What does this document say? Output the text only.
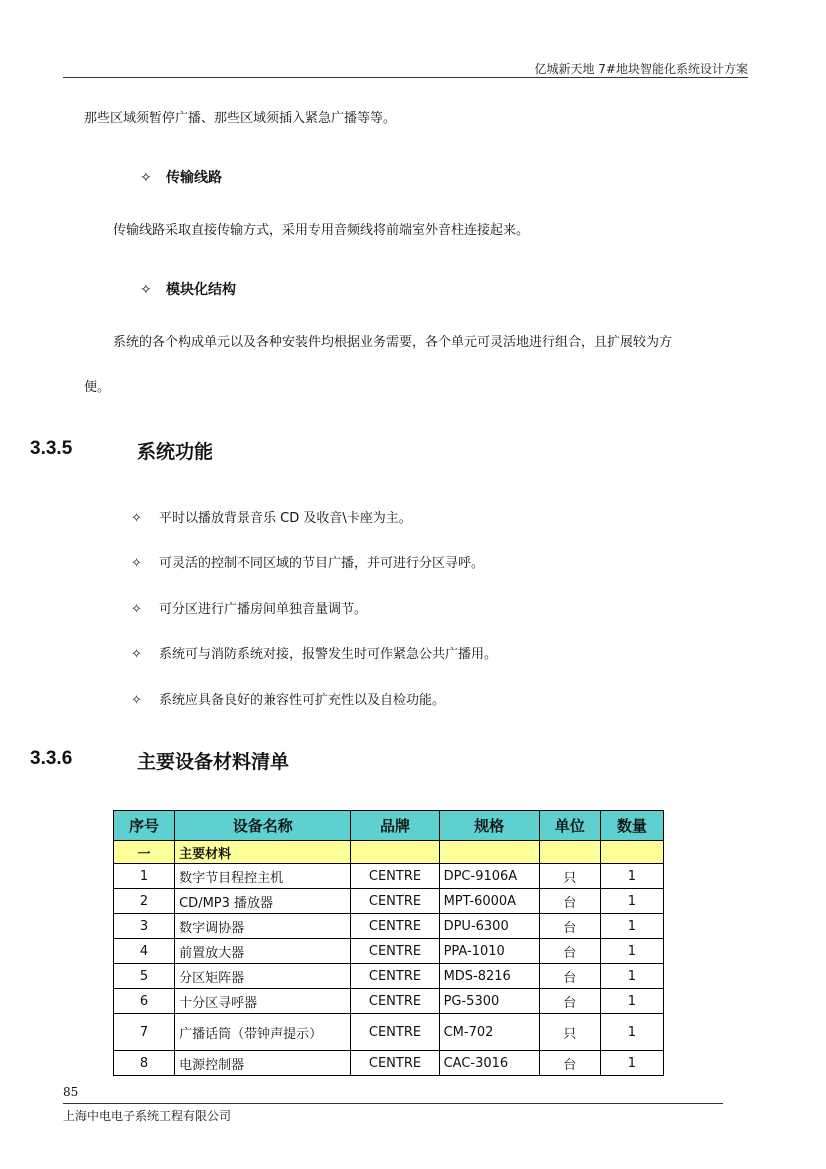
亿城新天地 7#地块智能化系统设计方案
那些区域须暂停广播、那些区域须插入紧急广播等等。
✧ 传输线路
传输线路采取直接传输方式，采用专用音频线将前端室外音柱连接起来。
✧ 模块化结构
系统的各个构成单元以及各种安装件均根据业务需要，各个单元可灵活地进行组合，且扩展较为方
便。
3.3.5	系统功能
✧ 平时以播放背景音乐 CD 及收音\卡座为主。
✧ 可灵活的控制不同区域的节目广播，并可进行分区寻呼。
✧ 可分区进行广播房间单独音量调节。
✧ 系统可与消防系统对接，报警发生时可作紧急公共广播用。
✧ 系统应具备良好的兼容性可扩充性以及自检功能。
3.3.6	主要设备材料清单
序号	设备名称	品牌	规格	单位	数量
一	主要材料				
1	数字节目程控主机	CENTRE	DPC-9106A	只	1
2	CD/MP3 播放器	CENTRE	MPT-6000A	台	1
3	数字调协器	CENTRE	DPU-6300	台	1
4	前置放大器	CENTRE	PPA-1010	台	1
5	分区矩阵器	CENTRE	MDS-8216	台	1
6	十分区寻呼器	CENTRE	PG-5300	台	1
7	广播话筒（带钟声提示）	CENTRE	CM-702	只	1
8	电源控制器	CENTRE	CAC-3016	台	1
85
上海中电电子系统工程有限公司
